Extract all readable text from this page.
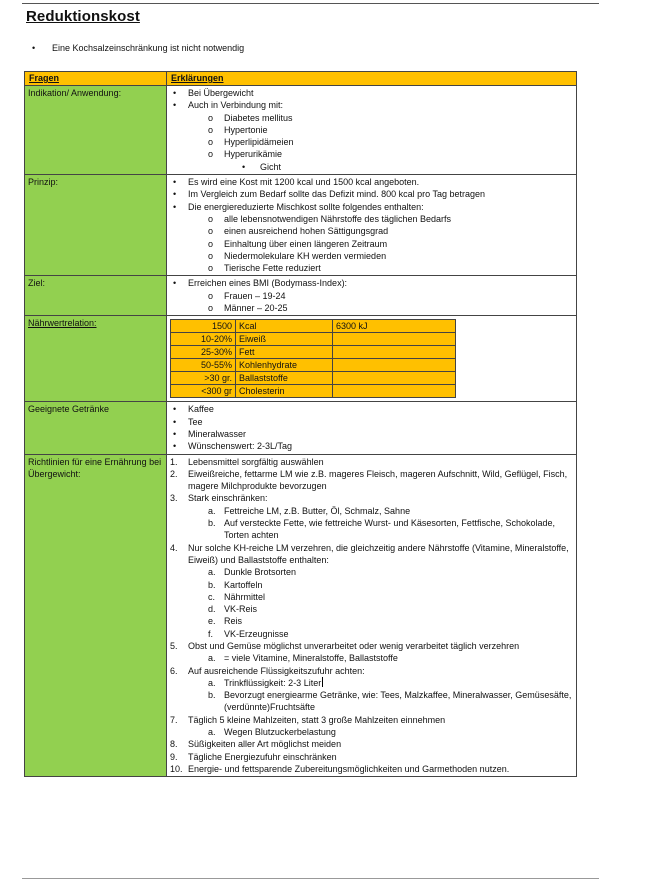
Reduktionskost
• Eine Kochsalzeinschränkung ist nicht notwendig
Fragen	Erklärungen
Indikation/ Anwendung:	
•Bei Übergewicht
• Auch in Verbindung mit:
o Diabetes mellitus
o Hypertonie
o Hyperlipidämeien
o Hyperurikämie
• Gicht

Prinzip:	
•Es wird eine Kost mit 1200 kcal und 1500 kcal angeboten.
• Im Vergleich zum Bedarf sollte das Defizit mind. 800 kcal pro Tag betragen
• Die energiereduzierte Mischkost sollte folgendes enthalten:
o alle lebensnotwendigen Nährstoffe des täglichen Bedarfs
o einen ausreichend hohen Sättigungsgrad
o Einhaltung über einen längeren Zeitraum
o Niedermolekulare KH werden vermieden
o Tierische Fette reduziert

Ziel:	
•Erreichen eines BMI (Bodymass-Index):
o Frauen – 19-24
o Männer – 20-25

Nährwertrelation:		1500	Kcal	6300 kJ
10-20%	Eiweiß	
25-30%	Fett	
50-55%	Kohlenhydrate	
>30 gr.	Ballaststoffe	
<300 gr	Cholesterin	

Geeignete Getränke	
•Kaffee
• Tee
• Mineralwasser
• Wünschenswert: 2-3L/Tag

Richtlinien für eine Ernährung bei Übergewicht:	
1. Lebensmittel sorgfältig auswählen
2. Eiweißreiche, fettarme LM wie z.B. mageres Fleisch, mageren Aufschnitt, Wild, Geflügel, Fisch, magere Milchprodukte bevorzugen
3. Stark einschränken:
a. Fettreiche LM, z.B. Butter, Öl, Schmalz, Sahne
b. Auf versteckte Fette, wie fettreiche Wurst- und Käsesorten, Fettfische, Schokolade, Torten achten
4. Nur solche KH-reiche LM verzehren, die gleichzeitig andere Nährstoffe (Vitamine, Mineralstoffe, Eiweiß) und Ballaststoffe enthalten:
a. Dunkle Brotsorten
b. Kartoffeln
c. Nährmittel
d. VK-Reis
e. Reis
f. VK-Erzeugnisse
5. Obst und Gemüse möglichst unverarbeitet oder wenig verarbeitet täglich verzehren
a. = viele Vitamine, Mineralstoffe, Ballaststoffe
6. Auf ausreichende Flüssigkeitszufuhr achten:
a. Trinkflüssigkeit: 2-3 Liter
b. Bevorzugt energiearme Getränke, wie: Tees, Malzkaffee, Mineralwasser, Gemüsesäfte, (verdünnte)Fruchtsäfte
7. Täglich 5 kleine Mahlzeiten, statt 3 große Mahlzeiten einnehmen
a. Wegen Blutzuckerbelastung
8. Süßigkeiten aller Art möglichst meiden
9. Tägliche Energiezufuhr einschränken
10. Energie- und fettsparende Zubereitungsmöglichkeiten und Garmethoden nutzen.
